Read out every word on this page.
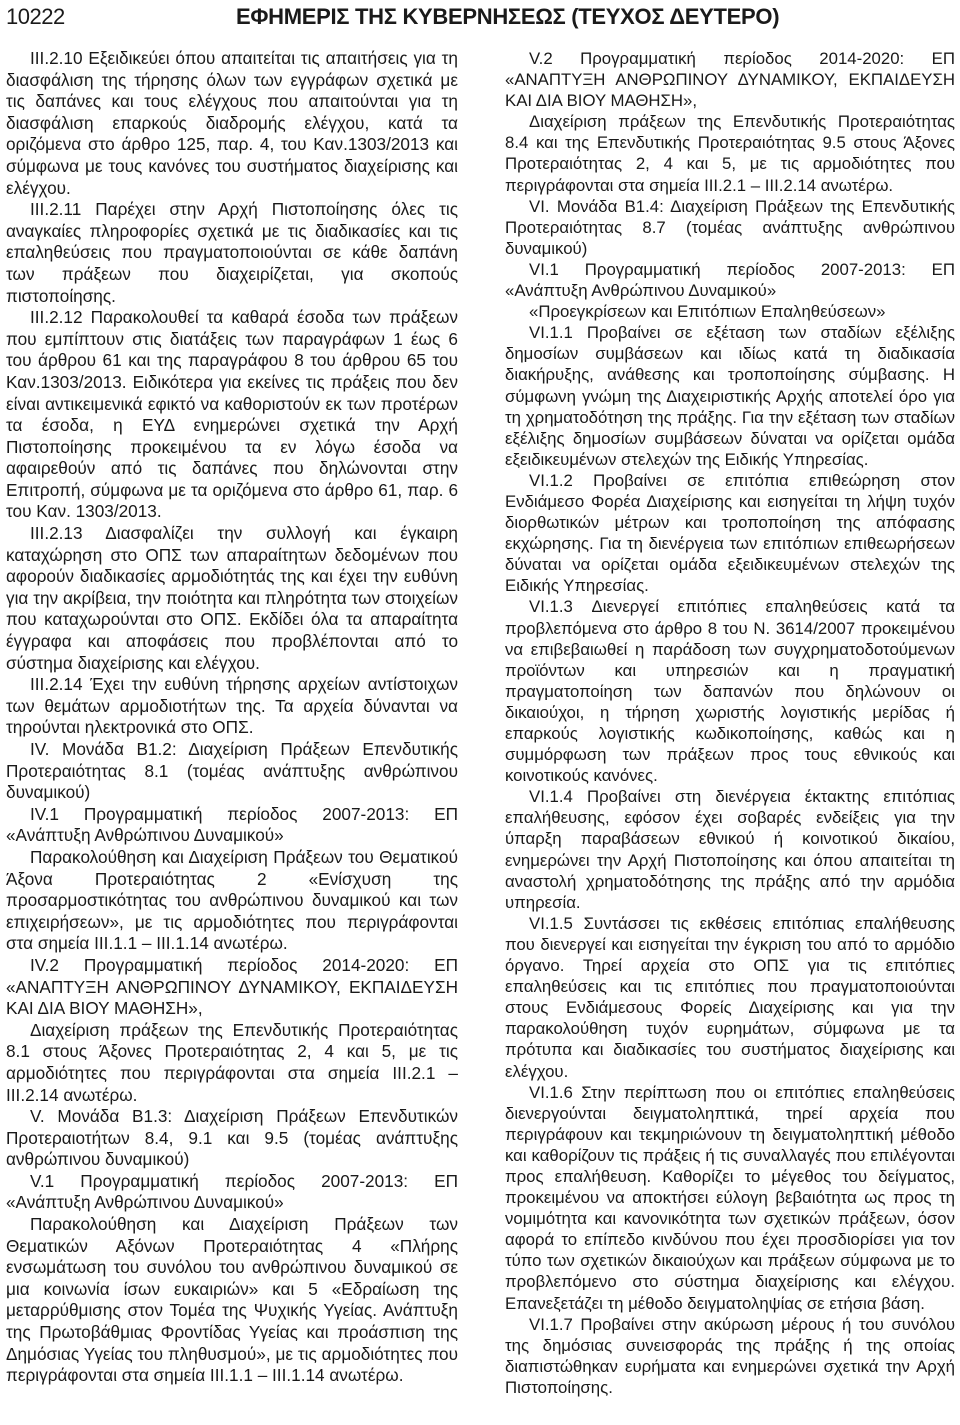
10222	ΕΦΗΜΕΡΙΣ ΤΗΣ ΚΥΒΕΡΝΗΣΕΩΣ (ΤΕΥΧΟΣ ΔΕΥΤΕΡΟ)

ΙΙΙ.2.10 Εξειδικεύει όπου απαιτείται τις απαιτήσεις για τη διασφάλιση της τήρησης όλων των εγγράφων σχετικά με τις δαπάνες και τους ελέγχους που απαιτούνται για τη διασφάλιση επαρκούς διαδρομής ελέγχου, κατά τα οριζόμενα στο άρθρο 125, παρ. 4, του Καν.1303/2013 και σύμφωνα με τους κανόνες του συστήματος διαχείρισης και ελέγχου.

ΙΙΙ.2.11 Παρέχει στην Αρχή Πιστοποίησης όλες τις αναγκαίες πληροφορίες σχετικά με τις διαδικασίες και τις επαληθεύσεις που πραγματοποιούνται σε κάθε δαπάνη των πράξεων που διαχειρίζεται, για σκοπούς πιστοποίησης.

ΙΙΙ.2.12 Παρακολουθεί τα καθαρά έσοδα των πράξεων που εμπίπτουν στις διατάξεις των παραγράφων 1 έως 6 του άρθρου 61 και της παραγράφου 8 του άρθρου 65 του Καν.1303/2013. Ειδικότερα για εκείνες τις πράξεις που δεν είναι αντικειμενικά εφικτό να καθοριστούν εκ των προτέρων τα έσοδα, η ΕΥΔ ενημερώνει σχετικά την Αρχή Πιστοποίησης προκειμένου τα εν λόγω έσοδα να αφαιρεθούν από τις δαπάνες που δηλώνονται στην Επιτροπή, σύμφωνα με τα οριζόμενα στο άρθρο 61, παρ. 6 του Καν. 1303/2013.

ΙΙΙ.2.13 Διασφαλίζει την συλλογή και έγκαιρη καταχώρηση στο ΟΠΣ των απαραίτητων δεδομένων που αφορούν διαδικασίες αρμοδιότητάς της και έχει την ευθύνη για την ακρίβεια, την ποιότητα και πληρότητα των στοιχείων που καταχωρούνται στο ΟΠΣ. Εκδίδει όλα τα απαραίτητα έγγραφα και αποφάσεις που προβλέπονται από το σύστημα διαχείρισης και ελέγχου.

ΙΙΙ.2.14 Έχει την ευθύνη τήρησης αρχείων αντίστοιχων των θεμάτων αρμοδιοτήτων της. Τα αρχεία δύνανται να τηρούνται ηλεκτρονικά στο ΟΠΣ.

IV. Μονάδα Β1.2: Διαχείριση Πράξεων Επενδυτικής Προτεραιότητας 8.1 (τομέας ανάπτυξης ανθρώπινου δυναμικού)

ΙV.1 Προγραμματική περίοδος 2007-2013: ΕΠ «Ανάπτυξη Ανθρώπινου Δυναμικού»

Παρακολούθηση και Διαχείριση Πράξεων του Θεματικού Άξονα Προτεραιότητας 2 «Ενίσχυση της προσαρμοστικότητας του ανθρώπινου δυναμικού και των επιχειρήσεων», με τις αρμοδιότητες που περιγράφονται στα σημεία ΙΙΙ.1.1 – ΙΙΙ.1.14 ανωτέρω.

ΙV.2 Προγραμματική περίοδος 2014-2020: ΕΠ «ΑΝΑΠΤΥΞΗ ΑΝΘΡΩΠΙΝΟΥ ΔΥΝΑΜΙΚΟΥ, ΕΚΠΑΙΔΕΥΣΗ ΚΑΙ ΔΙΑ ΒΙΟΥ ΜΑΘΗΣΗ»,

Διαχείριση πράξεων της Επενδυτικής Προτεραιότητας 8.1 στους Άξονες Προτεραιότητας 2, 4 και 5, με τις αρμοδιότητες που περιγράφονται στα σημεία ΙΙΙ.2.1 – ΙΙΙ.2.14 ανωτέρω.

V. Μονάδα Β1.3: Διαχείριση Πράξεων Επενδυτικών Προτεραιοτήτων 8.4, 9.1 και 9.5 (τομέας ανάπτυξης ανθρώπινου δυναμικού)

V.1 Προγραμματική περίοδος 2007-2013: ΕΠ «Ανάπτυξη Ανθρώπινου Δυναμικού»

Παρακολούθηση και Διαχείριση Πράξεων των Θεματικών Αξόνων Προτεραιότητας 4 «Πλήρης ενσωμάτωση του συνόλου του ανθρώπινου δυναμικού σε μια κοινωνία ίσων ευκαιριών» και 5 «Εδραίωση της μεταρρύθμισης στον Τομέα της Ψυχικής Υγείας. Ανάπτυξη της Πρωτοβάθμιας Φροντίδας Υγείας και προάσπιση της Δημόσιας Υγείας του πληθυσμού», με τις αρμοδιότητες που περιγράφονται στα σημεία ΙΙΙ.1.1 – ΙΙΙ.1.14 ανωτέρω.

V.2 Προγραμματική περίοδος 2014-2020: ΕΠ «ΑΝΑΠΤΥΞΗ ΑΝΘΡΩΠΙΝΟΥ ΔΥΝΑΜΙΚΟΥ, ΕΚΠΑΙΔΕΥΣΗ ΚΑΙ ΔΙΑ ΒΙΟΥ ΜΑΘΗΣΗ»,

Διαχείριση πράξεων της Επενδυτικής Προτεραιότητας 8.4 και της Επενδυτικής Προτεραιότητας 9.5 στους Άξονες Προτεραιότητας 2, 4 και 5, με τις αρμοδιότητες που περιγράφονται στα σημεία ΙΙΙ.2.1 – ΙΙΙ.2.14 ανωτέρω.

VI. Μονάδα Β1.4: Διαχείριση Πράξεων της Επενδυτικής Προτεραιότητας 8.7 (τομέας ανάπτυξης ανθρώπινου δυναμικού)

VI.1 Προγραμματική περίοδος 2007-2013: ΕΠ «Ανάπτυξη Ανθρώπινου Δυναμικού»

«Προεγκρίσεων και Επιτόπιων Επαληθεύσεων»

VI.1.1 Προβαίνει σε εξέταση των σταδίων εξέλιξης δημοσίων συμβάσεων και ιδίως κατά τη διαδικασία διακήρυξης, ανάθεσης και τροποποίησης σύμβασης. Η σύμφωνη γνώμη της Διαχειριστικής Αρχής αποτελεί όρο για τη χρηματοδότηση της πράξης. Για την εξέταση των σταδίων εξέλιξης δημοσίων συμβάσεων δύναται να ορίζεται ομάδα εξειδικευμένων στελεχών της Ειδικής Υπηρεσίας.

VI.1.2 Προβαίνει σε επιτόπια επιθεώρηση στον Ενδιάμεσο Φορέα Διαχείρισης και εισηγείται τη λήψη τυχόν διορθωτικών μέτρων και τροποποίηση της απόφασης εκχώρησης. Για τη διενέργεια των επιτόπιων επιθεωρήσεων δύναται να ορίζεται ομάδα εξειδικευμένων στελεχών της Ειδικής Υπηρεσίας.

VI.1.3 Διενεργεί επιτόπιες επαληθεύσεις κατά τα προβλεπόμενα στο άρθρο 8 του Ν. 3614/2007 προκειμένου να επιβεβαιωθεί η παράδοση των συγχρηματοδοτούμενων προϊόντων και υπηρεσιών και η πραγματική πραγματοποίηση των δαπανών που δηλώνουν οι δικαιούχοι, η τήρηση χωριστής λογιστικής μερίδας ή επαρκούς λογιστικής κωδικοποίησης, καθώς και η συμμόρφωση των πράξεων προς τους εθνικούς και κοινοτικούς κανόνες.

VI.1.4 Προβαίνει στη διενέργεια έκτακτης επιτόπιας επαλήθευσης, εφόσον έχει σοβαρές ενδείξεις για την ύπαρξη παραβάσεων εθνικού ή κοινοτικού δικαίου, ενημερώνει την Αρχή Πιστοποίησης και όπου απαιτείται τη αναστολή χρηματοδότησης της πράξης από την αρμόδια υπηρεσία.

VI.1.5 Συντάσσει τις εκθέσεις επιτόπιας επαλήθευσης που διενεργεί και εισηγείται την έγκριση του από το αρμόδιο όργανο. Τηρεί αρχεία στο ΟΠΣ για τις επιτόπιες επαληθεύσεις και τις επιτόπιες που πραγματοποιούνται στους Ενδιάμεσους Φορείς Διαχείρισης και για την παρακολούθηση τυχόν ευρημάτων, σύμφωνα με τα πρότυπα και διαδικασίες του συστήματος διαχείρισης και ελέγχου.

VI.1.6 Στην περίπτωση που οι επιτόπιες επαληθεύσεις διενεργούνται δειγματοληπτικά, τηρεί αρχεία που περιγράφουν και τεκμηριώνουν τη δειγματοληπτική μέθοδο και καθορίζουν τις πράξεις ή τις συναλλαγές που επιλέγονται προς επαλήθευση. Καθορίζει το μέγεθος του δείγματος, προκειμένου να αποκτήσει εύλογη βεβαιότητα ως προς τη νομιμότητα και κανονικότητα των σχετικών πράξεων, όσον αφορά το επίπεδο κινδύνου που έχει προσδιορίσει για τον τύπο των σχετικών δικαιούχων και πράξεων σύμφωνα με το προβλεπόμενο στο σύστημα διαχείρισης και ελέγχου. Επανεξετάζει τη μέθοδο δειγματοληψίας σε ετήσια βάση.

VI.1.7 Προβαίνει στην ακύρωση μέρους ή του συνόλου της δημόσιας συνεισφοράς της πράξης ή της οποίας διαπιστώθηκαν ευρήματα και ενημερώνει σχετικά την Αρχή Πιστοποίησης.
